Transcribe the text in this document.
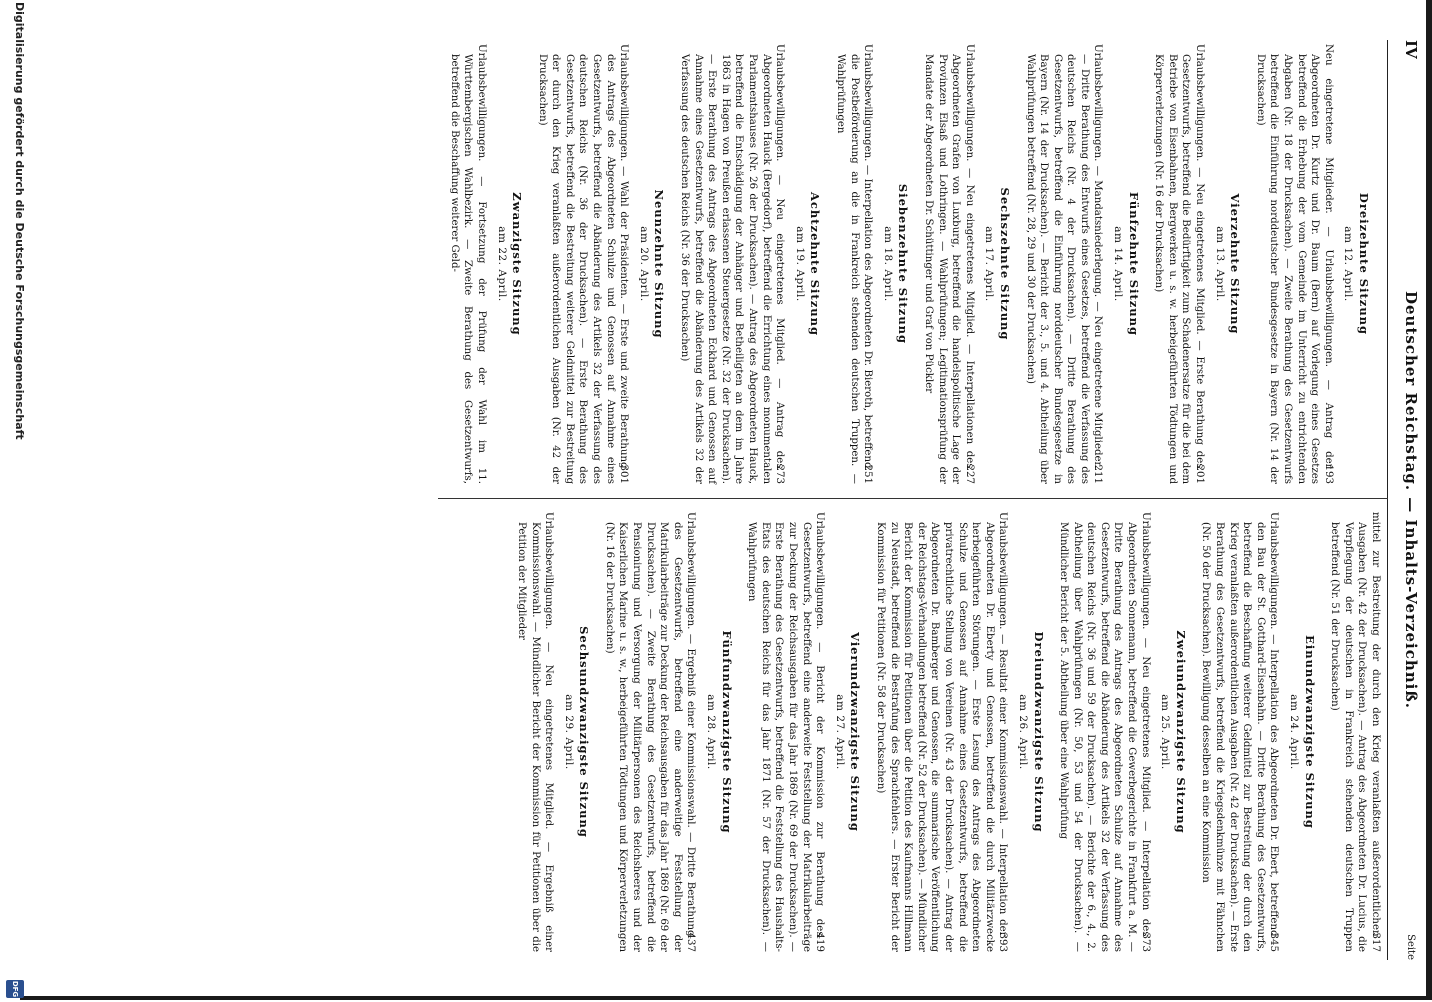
IV
Deutscher Reichstag. — Inhalts-Verzeichniß.
Seite
Dreizehnte Sitzung
am 12. April.
193
Neu eingetretene Mitglieder. — Urlaubsbewilligungen. — Antrag der Abgeordneten Dr. Kurtz und Dr. Baum (Bern) auf Vorlegung eines Gesetzes betreffend die Erhebung der vom Gemeinde im Unterricht zu entrichtenden Abgaben (Nr. 18 der Drucksachen). — Zweite Berathung des Gesetzentwurfs betreffend die Einführung norddeutscher Bundesgesetze in Bayern (Nr. 14 der Drucksachen)
Vierzehnte Sitzung
am 13. April.
201
Urlaubsbewilligungen. — Neu eingetretenes Mitglied. — Erste Berathung des Gesetzentwurfs, betreffend die Bedürftigkeit zum Schadenersatze für die bei dem Betriebe von Eisenbahnen, Bergwerken u. s. w. herbeigeführten Tödtungen und Körperverletzungen (Nr. 16 der Drucksachen)
Fünfzehnte Sitzung
am 14. April.
211
Urlaubsbewilligungen. — Mandatsniederlegung. — Neu eingetretene Mitglieder. — Dritte Berathung des Entwurfs eines Gesetzes, betreffend die Verfassung des deutschen Reichs (Nr. 4 der Drucksachen). — Dritte Berathung des Gesetzentwurfs, betreffend die Einführung norddeutscher Bundesgesetze in Bayern (Nr. 14 der Drucksachen). — Bericht der 3., 5. und 4. Abtheilung über Wahlprüfungen betreffend (Nr. 28, 29 und 30 der Drucksachen)
Sechszehnte Sitzung
am 17. April.
227
Urlaubsbewilligungen. — Neu eingetretenes Mitglied. — Interpellationen des Abgeordneten Grafen von Luxburg, betreffend die handelspolitische Lage der Provinzen Elsaß und Lothringen. — Wahlprüfungen; Legitimationsprüfung der Mandate der Abgeordneten Dr. Schüttinger und Graf von Pückler
Siebenzehnte Sitzung
am 18. April.
251
Urlaubsbewilligungen. — Interpellation des Abgeordneten Dr. Bieroth, betreffend die Postbeförderung an die in Frankreich stehenden deutschen Truppen. — Wahlprüfungen
Achtzehnte Sitzung
am 19. April.
273
Urlaubsbewilligungen. — Neu eingetretenes Mitglied. — Antrag des Abgeordneten Hauck (Bergedorf), betreffend die Errichtung eines monumentalen Parlamentshauses (Nr. 26 der Drucksachen). — Antrag des Abgeordneten Hauck, betreffend die Entschädigung der Anhänger und Betheiligten an dem im Jahre 1863 in Hagen von Preußen erlassenen Steuergesetze (Nr. 32 der Drucksachen). — Erste Berathung des Antrags des Abgeordneten Eckhard und Genossen auf Annahme eines Gesetzentwurfs, betreffend die Abänderung des Artikels 32 der Verfassung des deutschen Reichs (Nr. 36 der Drucksachen)
Neunzehnte Sitzung
am 20. April.
301
Urlaubsbewilligungen. — Wahl der Präsidenten. — Erste und zweite Berathung des Antrags des Abgeordneten Schulze und Genossen auf Annahme eines Gesetzentwurfs, betreffend die Abänderung des Artikels 32 der Verfassung des deutschen Reichs (Nr. 36 der Drucksachen). — Erste Berathung des Gesetzentwurfs, betreffend die Bestreitung weiterer Geldmittel zur Bestreitung der durch den Krieg veranlaßten außerordentlichen Ausgaben (Nr. 42 der Drucksachen)
Zwanzigste Sitzung
am 22. April.
Urlaubsbewilligungen. — Fortsetzung der Prüfung der Wahl im 11. Württembergischen Wahlbezirk. — Zweite Berathung des Gesetzentwurfs, betreffend die Beschaffung weiterer Geld-
317
mittel zur Bestreitung der durch den Krieg veranlaßten außerordentlichen Ausgaben (Nr. 42 der Drucksachen). — Antrag des Abgeordneten Dr. Lucius, die Verpflegung der deutschen in Frankreich stehenden deutschen Truppen betreffend (Nr. 51 der Drucksachen)
Einundzwanzigste Sitzung
am 24. April.
345
Urlaubsbewilligungen. — Interpellation des Abgeordneten Dr. Ebert, betreffend den Bau der St. Gotthard-Eisenbahn. — Dritte Berathung des Gesetzentwurfs, betreffend die Beschaffung weiterer Geldmittel zur Bestreitung der durch den Krieg veranlaßten außerordentlichen Ausgaben (Nr. 42 der Drucksachen). — Erste Berathung des Gesetzentwurfs, betreffend die Kriegsdenkmünze mit Fähnchen (Nr. 50 der Drucksachen). Bewilligung desselben an eine Kommission
Zweiundzwanzigste Sitzung
am 25. April.
373
Urlaubsbewilligungen. — Neu eingetretenes Mitglied. — Interpellation des Abgeordneten Sonnemann, betreffend die Gewerbegerichte in Frankfurt a. M. — Dritte Berathung des Antrags des Abgeordneten Schulze auf Annahme des Gesetzentwurfs, betreffend die Abänderung des Artikels 32 der Verfassung des deutschen Reichs (Nr. 36 und 59 der Drucksachen). — Berichte der 6., 4., 2. Abtheilung über Wahlprüfungen (Nr. 50, 53 und 54 der Drucksachen). — Mündlicher Bericht der 5. Abtheilung über eine Wahlprüfung
Dreiundzwanzigste Sitzung
am 26. April.
393
Urlaubsbewilligungen. — Resultat einer Kommissionswahl. — Interpellation der Abgeordneten Dr. Eberty und Genossen, betreffend die durch Militärzwecke herbeigeführten Störungen. — Erste Lesung des Antrags des Abgeordneten Schulze und Genossen auf Annahme eines Gesetzentwurfs, betreffend die privatrechtliche Stellung von Vereinen (Nr. 43 der Drucksachen). — Antrag der Abgeordneten Dr. Bamberger und Genossen, die summarische Veröffentlichung der Reichstags-Verhandlungen betreffend (Nr. 52 der Drucksachen). — Mündlicher Bericht der Kommission für Petitionen über die Petition des Kaufmanns Hillmann zu Neustadt, betreffend die Bestrafung des Sprachfehlers. — Erster Bericht der Kommission für Petitionen (Nr. 58 der Drucksachen)
Vierundzwanzigste Sitzung
am 27. April.
419
Urlaubsbewilligungen. — Bericht der Kommission zur Berathung des Gesetzentwurfs, betreffend eine anderweite Feststellung der Matrikularbeiträge zur Deckung der Reichsausgaben für das Jahr 1869 (Nr. 69 der Drucksachen). — Erste Berathung des Gesetzentwurfs, betreffend die Feststellung des Haushalts-Etats des deutschen Reichs für das Jahr 1871 (Nr. 57 der Drucksachen). — Wahlprüfungen
Fünfundzwanzigste Sitzung
am 28. April.
437
Urlaubsbewilligungen. — Ergebniß einer Kommissionswahl. — Dritte Berathung des Gesetzentwurfs, betreffend eine anderweitige Feststellung der Matrikularbeiträge zur Deckung der Reichsausgaben für das Jahr 1869 (Nr. 69 der Drucksachen). — Zweite Berathung des Gesetzentwurfs, betreffend die Pensionirung und Versorgung der Militärpersonen des Reichsheeres und der Kaiserlichen Marine u. s. w., herbeigeführten Tödtungen und Körperverletzungen (Nr. 16 der Drucksachen)
Sechsundzwanzigste Sitzung
am 29. April.
Urlaubsbewilligungen. — Neu eingetretenes Mitglied. — Ergebniß einer Kommissionswahl. — Mündlicher Bericht der Kommission für Petitionen über die Petition der Mitglieder
Digitalisierung gefördert durch die Deutsche Forschungsgemeinschaft
DFG
